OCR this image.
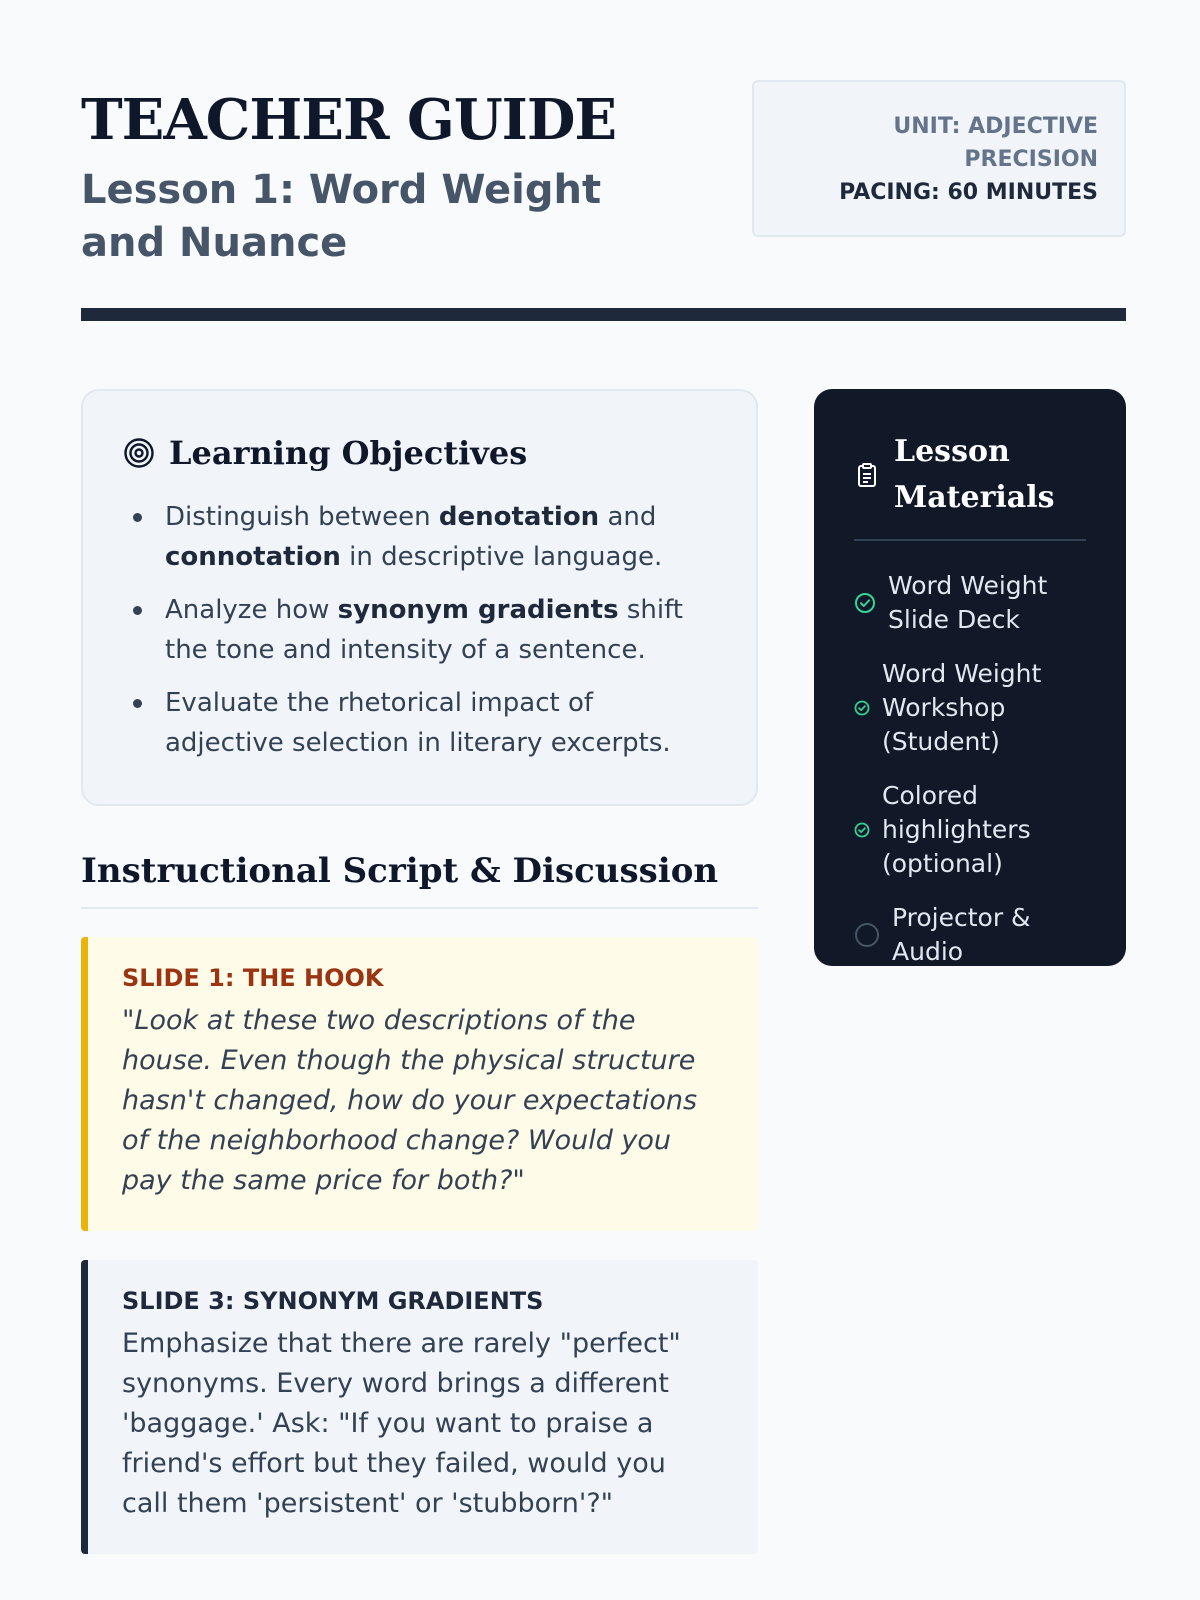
TEACHER GUIDE
Lesson 1: Word Weight and Nuance
UNIT: ADJECTIVE PRECISION
PACING: 60 MINUTES
Learning Objectives
Distinguish between denotation and connotation in descriptive language.
Analyze how synonym gradients shift the tone and intensity of a sentence.
Evaluate the rhetorical impact of adjective selection in literary excerpts.
Instructional Script & Discussion
SLIDE 1: THE HOOK

"Look at these two descriptions of the house. Even though the physical structure hasn't changed, how do your expectations of the neighborhood change? Would you pay the same price for both?"

SLIDE 3: SYNONYM GRADIENTS

Emphasize that there are rarely "perfect" synonyms. Every word brings a different 'baggage.' Ask: "If you want to praise a friend's effort but they failed, would you call them 'persistent' or 'stubborn'?"

Lesson Materials
Word Weight Slide Deck
Word Weight Workshop (Student)
Colored highlighters (optional)
Projector & Audio
